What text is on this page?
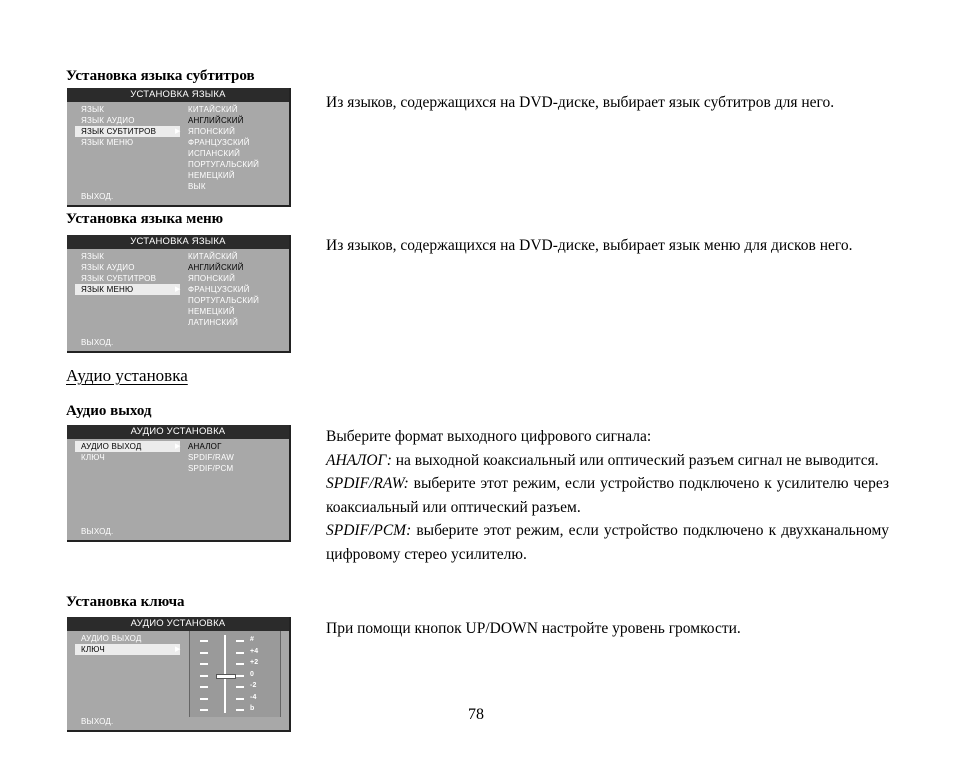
Установка языка субтитров
УСТАНОВКА ЯЗЫКА
ЯЗЫК
ЯЗЫК АУДИО
ЯЗЫК СУБТИТРОВ
ЯЗЫК МЕНЮ
КИТАЙСКИЙ
АНГЛИЙСКИЙ
ЯПОНСКИЙ
ФРАНЦУЗСКИЙ
ИСПАНСКИЙ
ПОРТУГАЛЬСКИЙ
НЕМЕЦКИЙ
ВЫК
ВЫХОД.
▶

Из языков, содержащихся на DVD-диске, выбирает язык субтитров для него.

Установка языка меню
УСТАНОВКА ЯЗЫКА
ЯЗЫК
ЯЗЫК АУДИО
ЯЗЫК СУБТИТРОВ
ЯЗЫК МЕНЮ
КИТАЙСКИЙ
АНГЛИЙСКИЙ
ЯПОНСКИЙ
ФРАНЦУЗСКИЙ
ПОРТУГАЛЬСКИЙ
НЕМЕЦКИЙ
ЛАТИНСКИЙ
ВЫХОД.
▶

Из языков, содержащихся на DVD-диске, выбирает язык меню для дисков него.

Аудио установка
Аудио выход
АУДИО УСТАНОВКА
АУДИО ВЫХОД
КЛЮЧ
АНАЛОГ
SPDIF/RAW
SPDIF/PCM
ВЫХОД.
▶

Выберите формат выходного цифрового сигнала:

АНАЛОГ: на выходной коаксиальный или оптический разъем сигнал не выводится.

SPDIF/RAW: выберите этот режим, если устройство подключено к усилителю через коаксиальный или оптический разъем.

SPDIF/PCM: выберите этот режим, если устройство подключено к двухканальному цифровому стерео усилителю.

Установка ключа
АУДИО УСТАНОВКА
АУДИО ВЫХОД
КЛЮЧ
#
+4
+2
0
-2
-4
b
ВЫХОД.
▶

При помощи кнопок UP/DOWN настройте уровень громкости.

78
